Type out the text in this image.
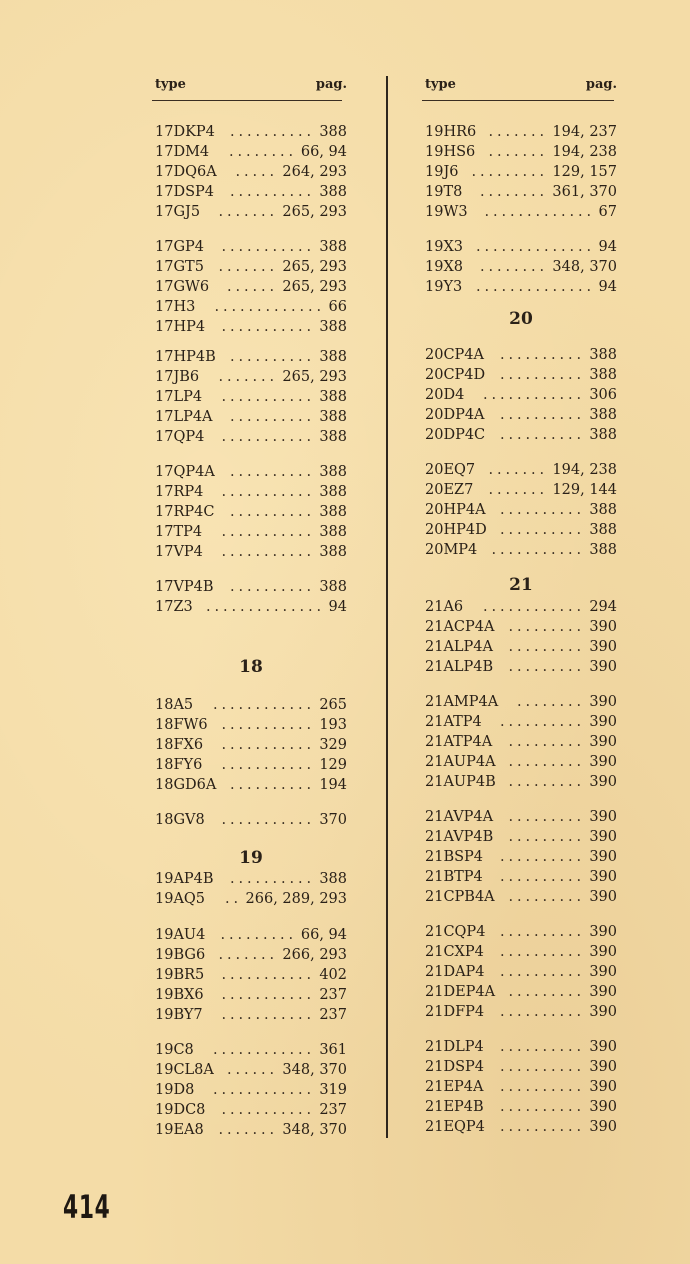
type	pag.
. . . . . . . . . .
17DKP4	388
. . . . . . . .
17DM4	66, 94
. . . . .
17DQ6A	264, 293
. . . . . . . . . .
17DSP4	388
. . . . . . .
17GJ5	265, 293
. . . . . . . . . . .
17GP4	388
. . . . . . .
17GT5	265, 293
. . . . . .
17GW6	265, 293
. . . . . . . . . . . . .
17H3	66
. . . . . . . . . . .
17HP4	388
. . . . . . . . . .
17HP4B	388
. . . . . . .
17JB6	265, 293
. . . . . . . . . . .
17LP4	388
. . . . . . . . . .
17LP4A	388
. . . . . . . . . . .
17QP4	388
. . . . . . . . . .
17QP4A	388
. . . . . . . . . . .
17RP4	388
. . . . . . . . . .
17RP4C	388
. . . . . . . . . . .
17TP4	388
. . . . . . . . . . .
17VP4	388
. . . . . . . . . .
17VP4B	388
. . . . . . . . . . . . . .
17Z3	94
18
. . . . . . . . . . . .
18A5	265
. . . . . . . . . . .
18FW6	193
. . . . . . . . . . .
18FX6	329
. . . . . . . . . . .
18FY6	129
. . . . . . . . . .
18GD6A	194
. . . . . . . . . . .
18GV8	370
19
. . . . . . . . . .
19AP4B	388
. .
19AQ5	266, 289, 293
. . . . . . . . .
19AU4	66, 94
. . . . . . .
19BG6	266, 293
. . . . . . . . . . .
19BR5	402
. . . . . . . . . . .
19BX6	237
. . . . . . . . . . .
19BY7	237
. . . . . . . . . . . .
19C8	361
. . . . . .
19CL8A	348, 370
. . . . . . . . . . . .
19D8	319
. . . . . . . . . . .
19DC8	237
. . . . . . .
19EA8	348, 370
type	pag.
. . . . . . .
19HR6	194, 237
. . . . . . .
19HS6	194, 238
. . . . . . . . .
19J6	129, 157
. . . . . . . .
19T8	361, 370
. . . . . . . . . . . . .
19W3	67
. . . . . . . . . . . . . .
19X3	94
. . . . . . . .
19X8	348, 370
. . . . . . . . . . . . . .
19Y3	94
20
. . . . . . . . . .
20CP4A	388
. . . . . . . . . .
20CP4D	388
. . . . . . . . . . . .
20D4	306
. . . . . . . . . .
20DP4A	388
. . . . . . . . . .
20DP4C	388
. . . . . . .
20EQ7	194, 238
. . . . . . .
20EZ7	129, 144
. . . . . . . . . .
20HP4A	388
. . . . . . . . . .
20HP4D	388
. . . . . . . . . . .
20MP4	388
21
. . . . . . . . . . . .
21A6	294
. . . . . . . . .
21ACP4A	390
. . . . . . . . .
21ALP4A	390
. . . . . . . . .
21ALP4B	390
. . . . . . . .
21AMP4A	390
. . . . . . . . . .
21ATP4	390
. . . . . . . . .
21ATP4A	390
. . . . . . . . .
21AUP4A	390
. . . . . . . . .
21AUP4B	390
. . . . . . . . .
21AVP4A	390
. . . . . . . . .
21AVP4B	390
. . . . . . . . . .
21BSP4	390
. . . . . . . . . .
21BTP4	390
. . . . . . . . .
21CPB4A	390
. . . . . . . . . .
21CQP4	390
. . . . . . . . . .
21CXP4	390
. . . . . . . . . .
21DAP4	390
. . . . . . . . .
21DEP4A	390
. . . . . . . . . .
21DFP4	390
. . . . . . . . . .
21DLP4	390
. . . . . . . . . .
21DSP4	390
. . . . . . . . . .
21EP4A	390
. . . . . . . . . .
21EP4B	390
. . . . . . . . . .
21EQP4	390
414
